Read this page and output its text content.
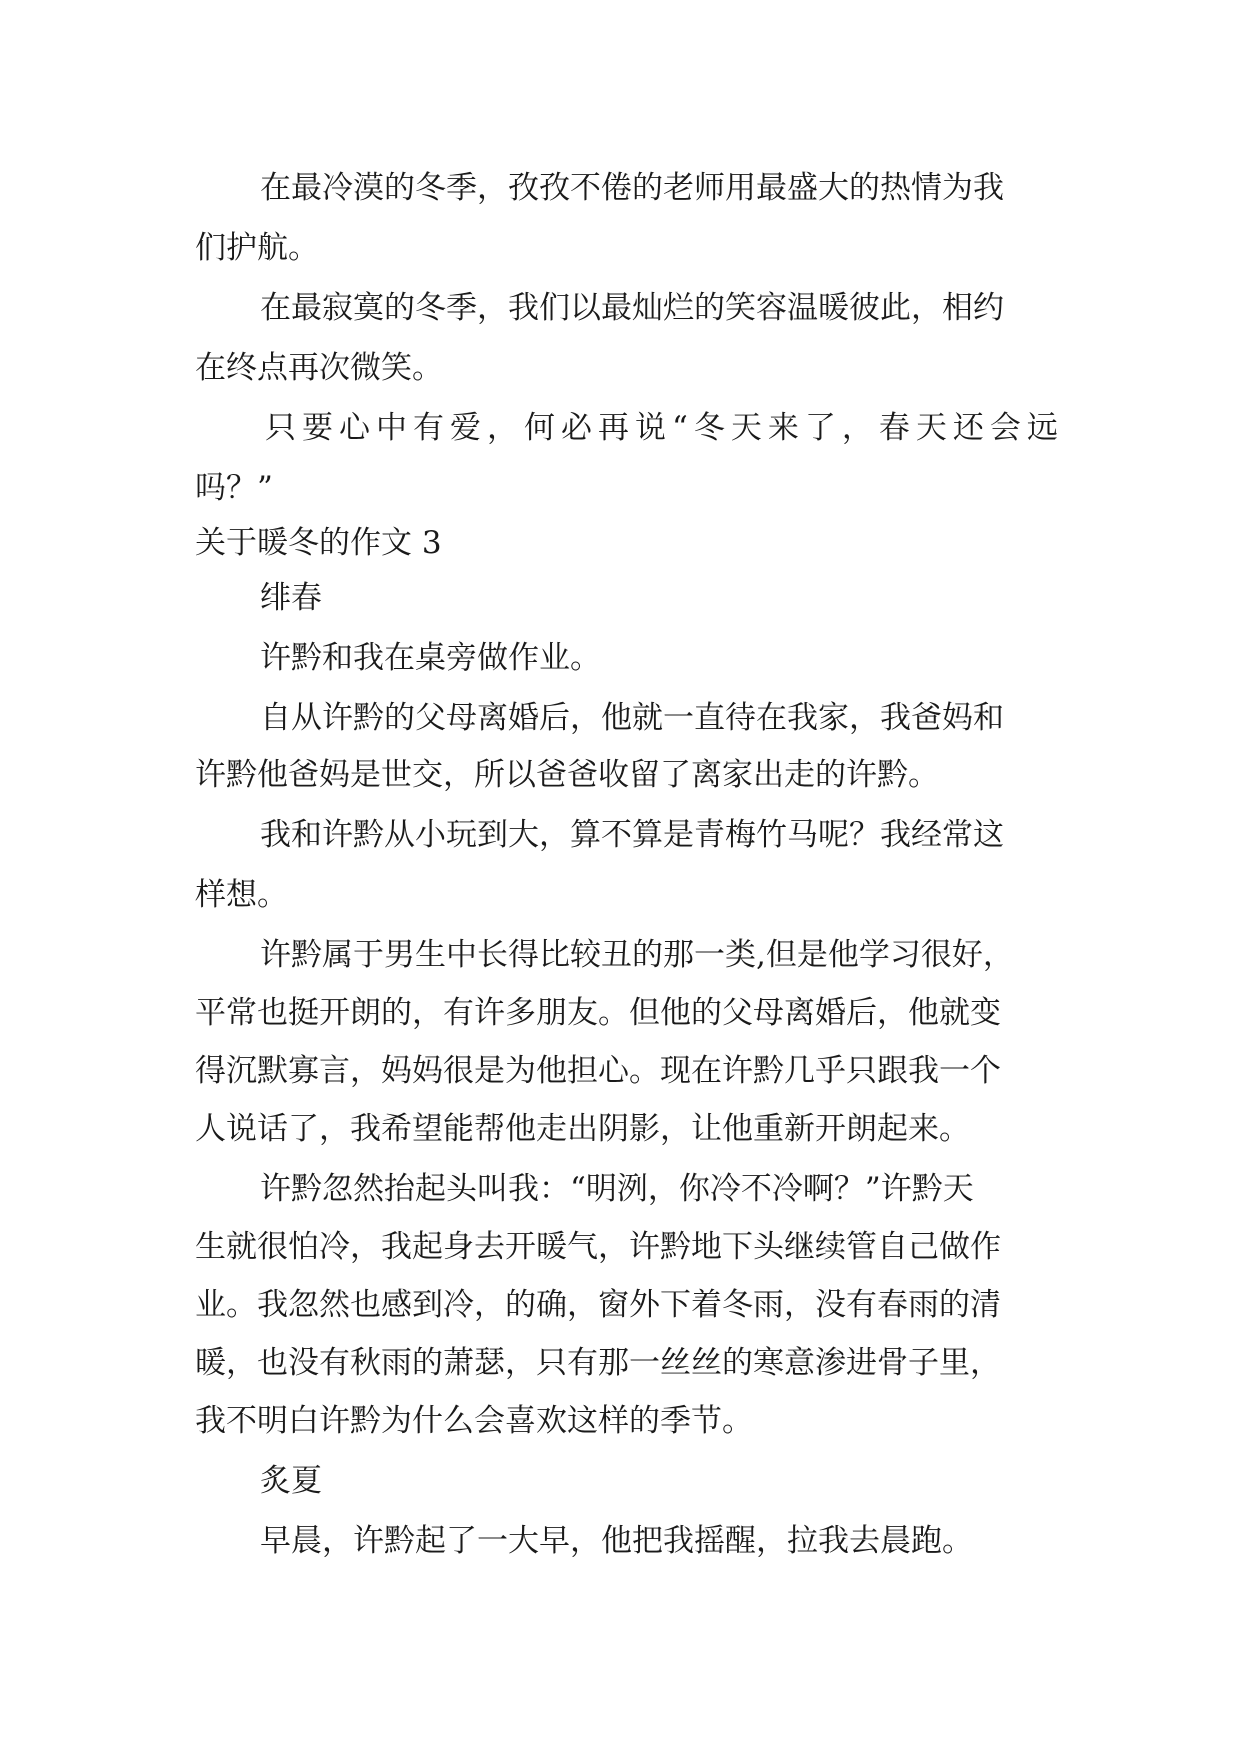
在最冷漠的冬季，孜孜不倦的老师用最盛大的热情为我
们护航。
在最寂寞的冬季，我们以最灿烂的笑容温暖彼此，相约
在终点再次微笑。
只要心中有爱，何必再说“冬天来了，春天还会远
吗？”
关于暖冬的作文 3
绯春
许黔和我在桌旁做作业。
自从许黔的父母离婚后，他就一直待在我家，我爸妈和
许黔他爸妈是世交，所以爸爸收留了离家出走的许黔。
我和许黔从小玩到大，算不算是青梅竹马呢？我经常这
样想。
许黔属于男生中长得比较丑的那一类,但是他学习很好，
平常也挺开朗的，有许多朋友。但他的父母离婚后，他就变
得沉默寡言，妈妈很是为他担心。现在许黔几乎只跟我一个
人说话了，我希望能帮他走出阴影，让他重新开朗起来。
许黔忽然抬起头叫我：“明洌，你冷不冷啊？”许黔天
生就很怕冷，我起身去开暖气，许黔地下头继续管自己做作
业。我忽然也感到冷，的确，窗外下着冬雨，没有春雨的清
暖，也没有秋雨的萧瑟，只有那一丝丝的寒意渗进骨子里，
我不明白许黔为什么会喜欢这样的季节。
炙夏
早晨，许黔起了一大早，他把我摇醒，拉我去晨跑。
